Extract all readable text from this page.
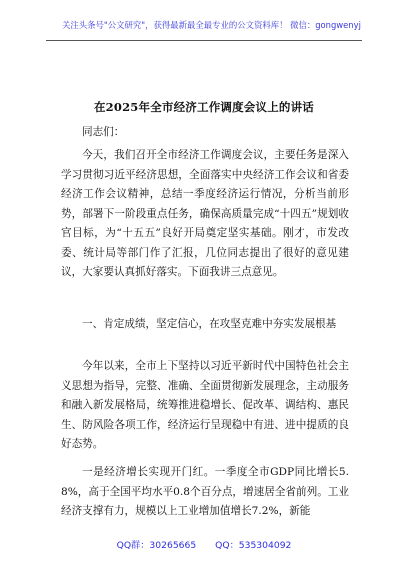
关注头条号"公文研究"，获得最新最全最专业的公文资料库！ 微信：gongwenyj
在2025年全市经济工作调度会议上的讲话
同志们：
今天，我们召开全市经济工作调度会议，主要任务是深入学习贯彻习近平经济思想，全面落实中央经济工作会议和省委经济工作会议精神，总结一季度经济运行情况，分析当前形势，部署下一阶段重点任务，确保高质量完成“十四五”规划收官目标，为“十五五”良好开局奠定坚实基础。刚才，市发改委、统计局等部门作了汇报，几位同志提出了很好的意见建议，大家要认真抓好落实。下面我讲三点意见。
一、肯定成绩，坚定信心，在攻坚克难中夯实发展根基
今年以来，全市上下坚持以习近平新时代中国特色社会主义思想为指导，完整、准确、全面贯彻新发展理念，主动服务和融入新发展格局，统筹推进稳增长、促改革、调结构、惠民生、防风险各项工作，经济运行呈现稳中有进、进中提质的良好态势。
一是经济增长实现开门红。一季度全市GDP同比增长5.8%，高于全国平均水平0.8个百分点，增速居全省前列。工业经济支撑有力，规模以上工业增加值增长7.2%，新能
QQ群：30265665 QQ：535304092
